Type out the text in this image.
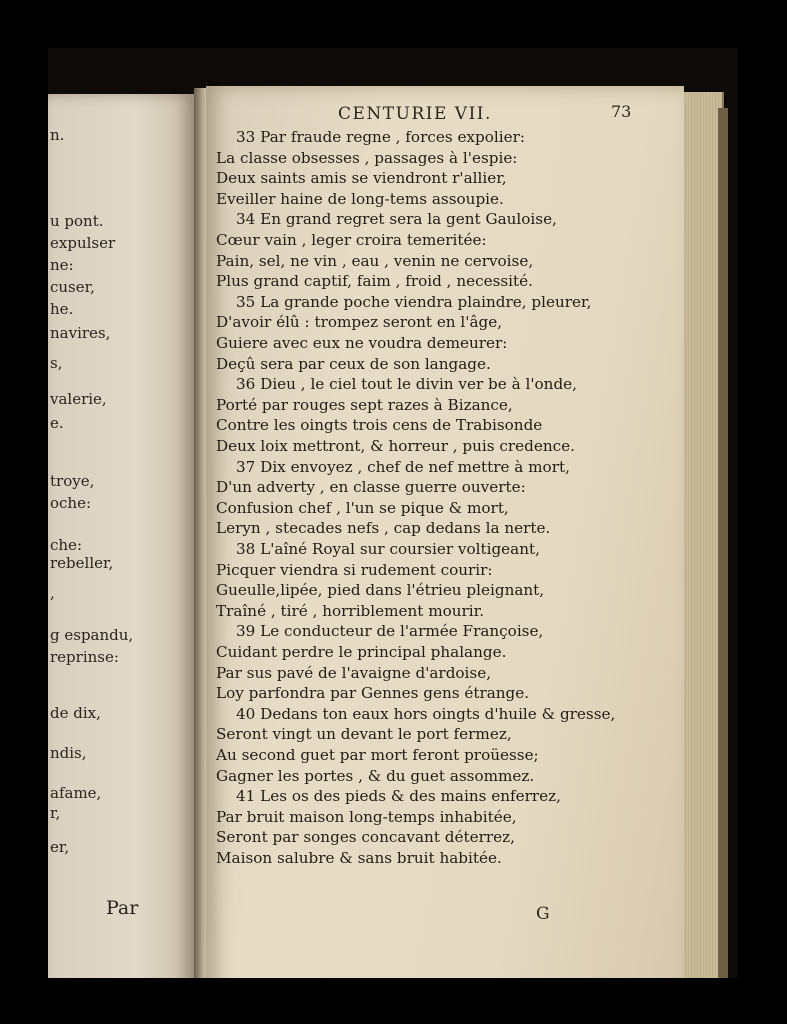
n.
u pont.
expulser
ne:
cuser,
he.
navires,
s,
valerie,
e.
troye,
oche:
che:
rebeller,
,
g espandu,
reprinse:
de dix,
ndis,
afame,
r,
er,
Par
CENTURIE VII.	73
33 Par fraude regne , forces expolier:
La classe obsesses , passages à l'espie:
Deux saints amis se viendront r'allier,
Eveiller haine de long-tems assoupie.
34 En grand regret sera la gent Gauloise,
Cœur vain , leger croira temeritée:
Pain, sel, ne vin , eau , venin ne cervoise,
Plus grand captif, faim , froid , necessité.
35 La grande poche viendra plaindre, pleurer,
D'avoir élû : trompez seront en l'âge,
Guiere avec eux ne voudra demeurer:
Deçû sera par ceux de son langage.
36 Dieu , le ciel tout le divin ver be à l'onde,
Porté par rouges sept razes à Bizance,
Contre les oingts trois cens de Trabisonde
Deux loix mettront, & horreur , puis credence.
37 Dix envoyez , chef de nef mettre à mort,
D'un adverty , en classe guerre ouverte:
Confusion chef , l'un se pique & mort,
Leryn , stecades nefs , cap dedans la nerte.
38 L'aîné Royal sur coursier voltigeant,
Picquer viendra si rudement courir:
Gueulle,lipée, pied dans l'étrieu pleignant,
Traîné , tiré , horriblement mourir.
39 Le conducteur de l'armée Françoise,
Cuidant perdre le principal phalange.
Par sus pavé de l'avaigne d'ardoise,
Loy parfondra par Gennes gens étrange.
40 Dedans ton eaux hors oingts d'huile & gresse,
Seront vingt un devant le port fermez,
Au second guet par mort feront proüesse;
Gagner les portes , & du guet assommez.
41 Les os des pieds & des mains enferrez,
Par bruit maison long-temps inhabitée,
Seront par songes concavant déterrez,
Maison salubre & sans bruit habitée.
G
